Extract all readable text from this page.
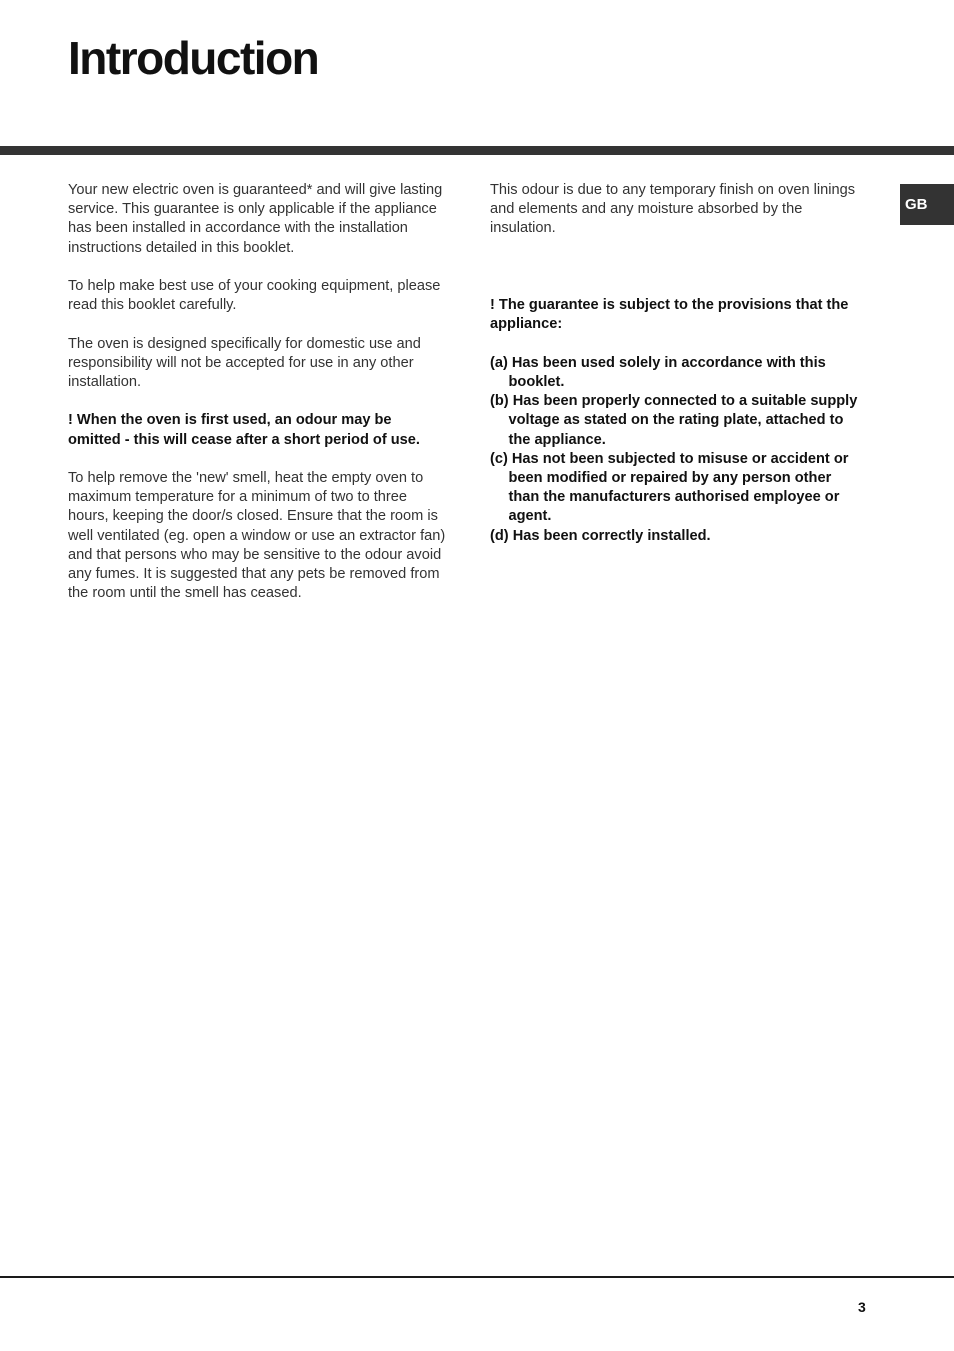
Introduction
GB

Your new electric oven is guaranteed* and will give lasting service. This guarantee is only applicable if the appliance has been installed in accordance with the installation instructions detailed in this booklet.

To help make best use of your cooking equipment, please read this booklet carefully.

The oven is designed specifically for domestic use and responsibility will not be accepted for use in any other installation.

! When the oven is first used, an odour may be omitted - this will cease after a short period of use.

To help remove the 'new' smell, heat the empty oven to maximum temperature for a minimum of two to three hours, keeping the door/s closed. Ensure that the room is well ventilated (eg. open a window or use an extractor fan) and that persons who may be sensitive to the odour avoid any fumes. It is suggested that any pets be removed from the room until the smell has ceased.

This odour is due to any temporary finish on oven linings and elements and any moisture absorbed by the insulation.

! The guarantee is subject to the provisions that the appliance:

(a) Has been used solely in accordance with this booklet.
(b) Has been properly connected to a suitable supply voltage as stated on the rating plate, attached to the appliance.
(c) Has not been subjected to misuse or accident or been modified or repaired by any person other than the manufacturers authorised employee or agent.
(d) Has been correctly installed.
3
